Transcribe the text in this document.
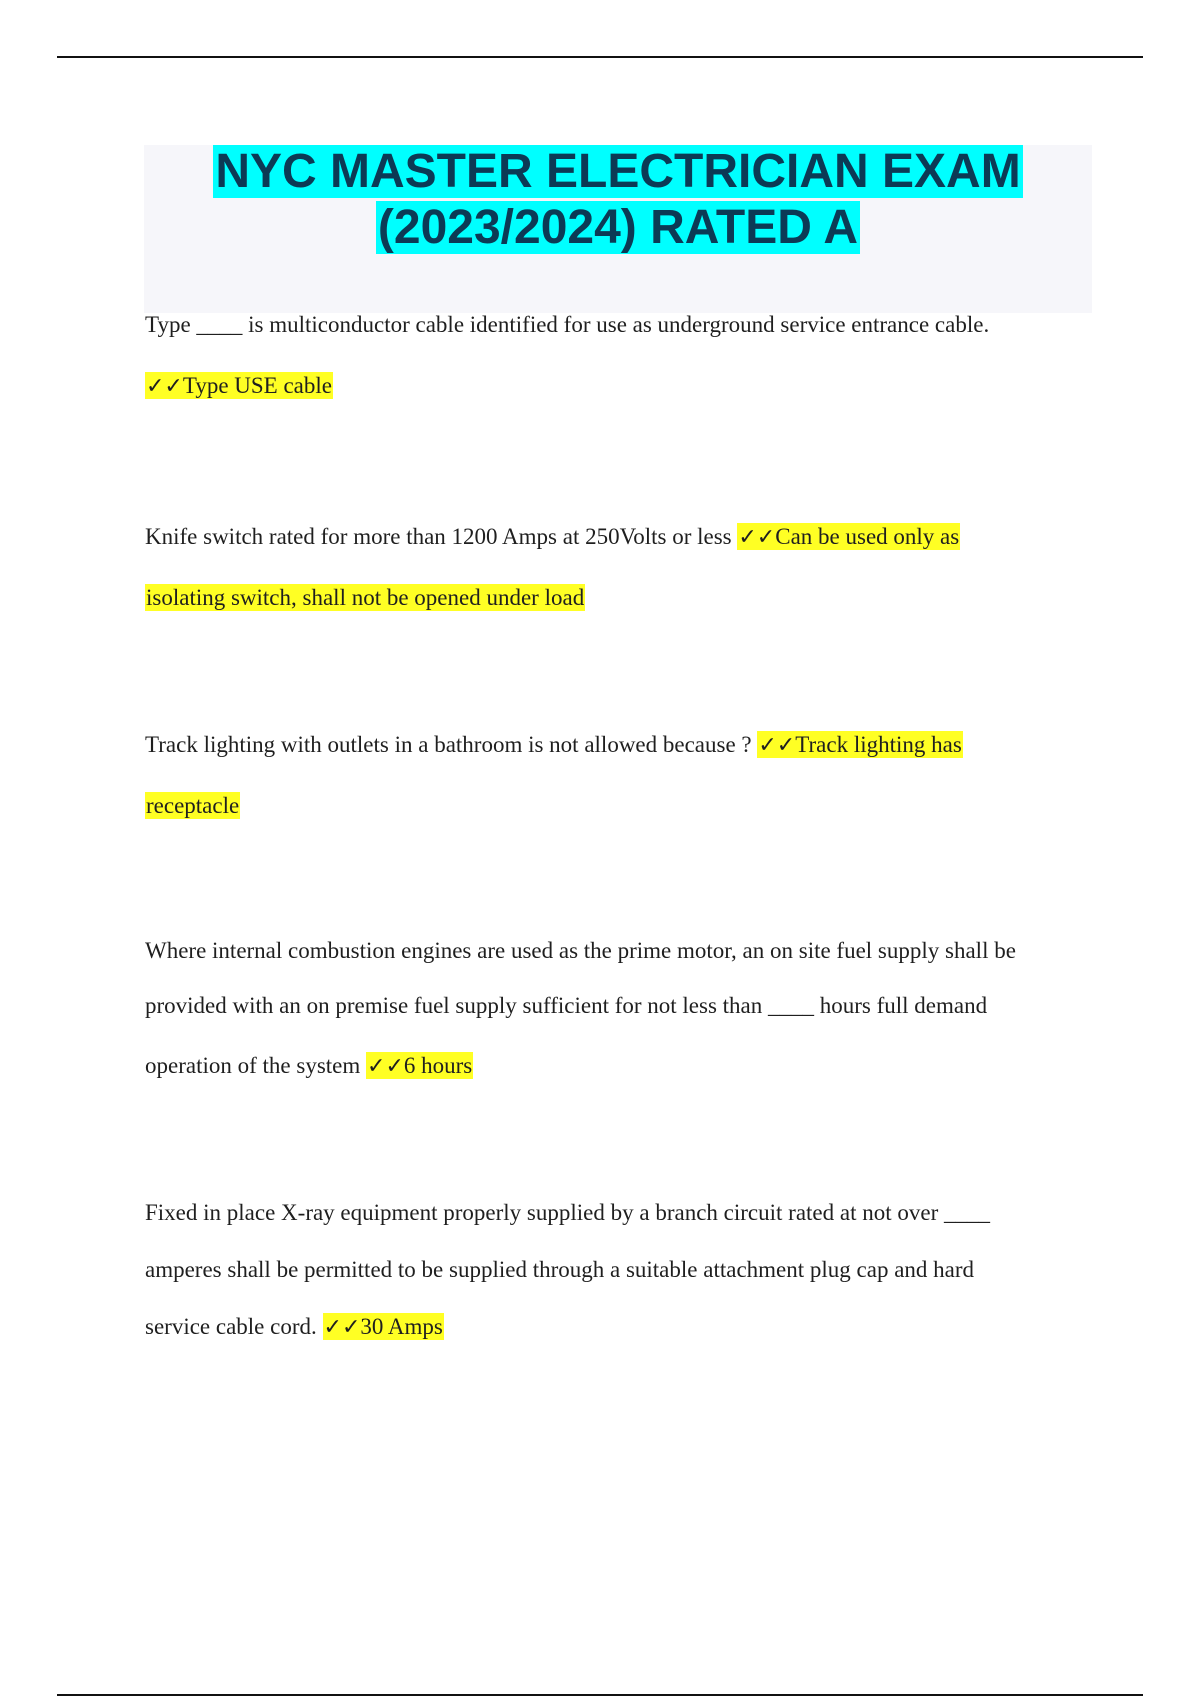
NYC MASTER ELECTRICIAN EXAM
(2023/2024) RATED A
Type ____ is multiconductor cable identified for use as underground service entrance cable.
✓✓Type USE cable
Knife switch rated for more than 1200 Amps at 250Volts or less ✓✓Can be used only as
isolating switch, shall not be opened under load
Track lighting with outlets in a bathroom is not allowed because ? ✓✓Track lighting has
receptacle
Where internal combustion engines are used as the prime motor, an on site fuel supply shall be
provided with an on premise fuel supply sufficient for not less than ____ hours full demand
operation of the system ✓✓6 hours
Fixed in place X-ray equipment properly supplied by a branch circuit rated at not over ____
amperes shall be permitted to be supplied through a suitable attachment plug cap and hard
service cable cord. ✓✓30 Amps
